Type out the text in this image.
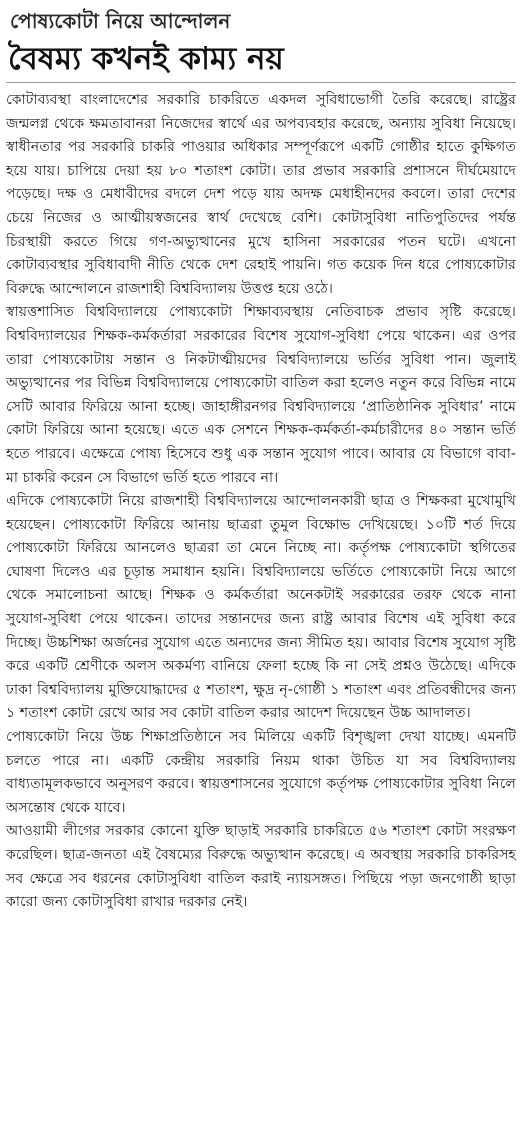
পোষ্যকোটা নিয়ে আন্দোলন
বৈষম্য কখনই কাম্য নয়

কোটাব্যবস্থা বাংলাদেশের সরকারি চাকরিতে একদল সুবিধাভোগী তৈরি করেছে। রাষ্ট্রের জন্মলগ্ন থেকে ক্ষমতাবানরা নিজেদের স্বার্থে এর অপব্যবহার করেছে, অন্যায় সুবিধা নিয়েছে। স্বাধীনতার পর সরকারি চাকরি পাওয়ার অধিকার সম্পূর্ণরূপে একটি গোষ্ঠীর হাতে কুক্ষিগত হয়ে যায়। চাপিয়ে দেয়া হয় ৮০ শতাংশ কোটা। তার প্রভাব সরকারি প্রশাসনে দীর্ঘমেয়াদে পড়েছে। দক্ষ ও মেধাবীদের বদলে দেশ পড়ে যায় অদক্ষ মেধাহীনদের কবলে। তারা দেশের চেয়ে নিজের ও আত্মীয়স্বজনের স্বার্থ দেখেছে বেশি। কোটাসুবিধা নাতিপুতিদের পর্যন্ত চিরস্থায়ী করতে গিয়ে গণ-অভ্যুত্থানের মুখে হাসিনা সরকারের পতন ঘটে। এখনো কোটাব্যবস্থার সুবিধাবাদী নীতি থেকে দেশ রেহাই পায়নি। গত কয়েক দিন ধরে পোষ্যকোটার বিরুদ্ধে আন্দোলনে রাজশাহী বিশ্ববিদ্যালয় উত্তপ্ত হয়ে ওঠে।

স্বায়ত্তশাসিত বিশ্ববিদ্যালয়ে পোষ্যকোটা শিক্ষাব্যবস্থায় নেতিবাচক প্রভাব সৃষ্টি করেছে। বিশ্ববিদ্যালয়ের শিক্ষক-কর্মকর্তারা সরকারের বিশেষ সুযোগ-সুবিধা পেয়ে থাকেন। এর ওপর তারা পোষ্যকোটায় সন্তান ও নিকটাত্মীয়দের বিশ্ববিদ্যালয়ে ভর্তির সুবিধা পান। জুলাই অভ্যুত্থানের পর বিভিন্ন বিশ্ববিদ্যালয়ে পোষ্যকোটা বাতিল করা হলেও নতুন করে বিভিন্ন নামে সেটি আবার ফিরিয়ে আনা হচ্ছে। জাহাঙ্গীরনগর বিশ্ববিদ্যালয়ে ‘প্রাতিষ্ঠানিক সুবিধার’ নামে কোটা ফিরিয়ে আনা হয়েছে। এতে এক সেশনে শিক্ষক-কর্মকর্তা-কর্মচারীদের ৪০ সন্তান ভর্তি হতে পারবে। এক্ষেত্রে পোষ্য হিসেবে শুধু এক সন্তান সুযোগ পাবে। আবার যে বিভাগে বাবা-মা চাকরি করেন সে বিভাগে ভর্তি হতে পারবে না।

এদিকে পোষ্যকোটা নিয়ে রাজশাহী বিশ্ববিদ্যালয়ে আন্দোলনকারী ছাত্র ও শিক্ষকরা মুখোমুখি হয়েছেন। পোষ্যকোটা ফিরিয়ে আনায় ছাত্ররা তুমুল বিক্ষোভ দেখিয়েছে। ১০টি শর্ত দিয়ে পোষ্যকোটা ফিরিয়ে আনলেও ছাত্ররা তা মেনে নিচ্ছে না। কর্তৃপক্ষ পোষ্যকোটা স্থগিতের ঘোষণা দিলেও এর চূড়ান্ত সমাধান হয়নি। বিশ্ববিদ্যালয়ে ভর্তিতে পোষ্যকোটা নিয়ে আগে থেকে সমালোচনা আছে। শিক্ষক ও কর্মকর্তারা অনেকটাই সরকারের তরফ থেকে নানা সুযোগ-সুবিধা পেয়ে থাকেন। তাদের সন্তানদের জন্য রাষ্ট্র আবার বিশেষ এই সুবিধা করে দিচ্ছে। উচ্চশিক্ষা অর্জনের সুযোগ এতে অন্যদের জন্য সীমিত হয়। আবার বিশেষ সুযোগ সৃষ্টি করে একটি শ্রেণীকে অলস অকর্মণ্য বানিয়ে ফেলা হচ্ছে কি না সেই প্রশ্নও উঠেছে। এদিকে ঢাকা বিশ্ববিদ্যালয় মুক্তিযোদ্ধাদের ৫ শতাংশ, ক্ষুদ্র নৃ-গোষ্ঠী ১ শতাংশ এবং প্রতিবন্ধীদের জন্য ১ শতাংশ কোটা রেখে আর সব কোটা বাতিল করার আদেশ দিয়েছেন উচ্চ আদালত।

পোষ্যকোটা নিয়ে উচ্চ শিক্ষাপ্রতিষ্ঠানে সব মিলিয়ে একটি বিশৃঙ্খলা দেখা যাচ্ছে। এমনটি চলতে পারে না। একটি কেন্দ্রীয় সরকারি নিয়ম থাকা উচিত যা সব বিশ্ববিদ্যালয় বাধ্যতামূলকভাবে অনুসরণ করবে। স্বায়ত্তশাসনের সুযোগে কর্তৃপক্ষ পোষ্যকোটার সুবিধা নিলে অসন্তোষ থেকে যাবে।

আওয়ামী লীগের সরকার কোনো যুক্তি ছাড়াই সরকারি চাকরিতে ৫৬ শতাংশ কোটা সংরক্ষণ করেছিল। ছাত্র-জনতা এই বৈষম্যের বিরুদ্ধে অভ্যুত্থান করেছে। এ অবস্থায় সরকারি চাকরিসহ সব ক্ষেত্রে সব ধরনের কোটাসুবিধা বাতিল করাই ন্যায়সঙ্গত। পিছিয়ে পড়া জনগোষ্ঠী ছাড়া কারো জন্য কোটাসুবিধা রাখার দরকার নেই।
